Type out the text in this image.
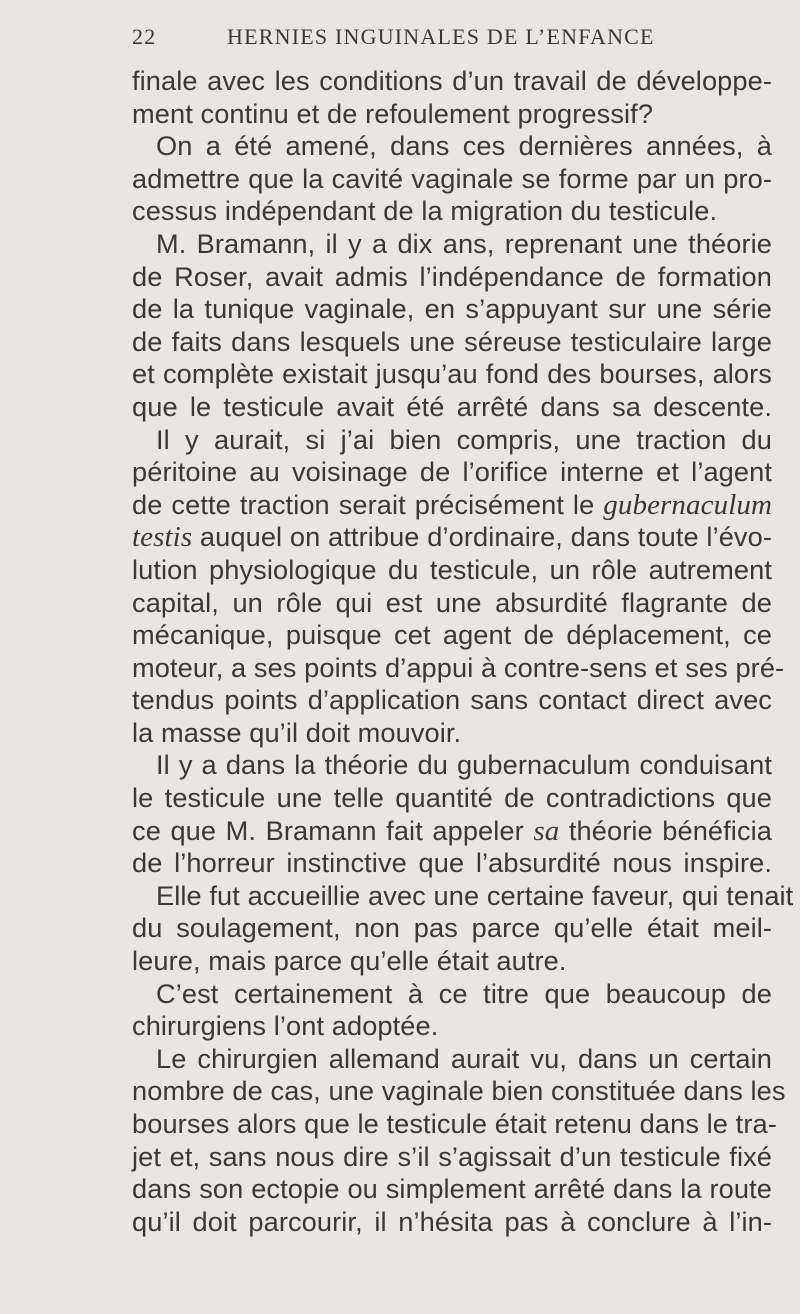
22	HERNIES INGUINALES DE L’ENFANCE
finale avec les conditions d’un travail de développe-
ment continu et de refoulement progressif?
On a été amené, dans ces dernières années, à
admettre que la cavité vaginale se forme par un pro-
cessus indépendant de la migration du testicule.
M. Bramann, il y a dix ans, reprenant une théorie
de Roser, avait admis l’indépendance de formation
de la tunique vaginale, en s’appuyant sur une série
de faits dans lesquels une séreuse testiculaire large
et complète existait jusqu’au fond des bourses, alors
que le testicule avait été arrêté dans sa descente.
Il y aurait, si j’ai bien compris, une traction du
péritoine au voisinage de l’orifice interne et l’agent
de cette traction serait précisément le gubernaculum
testis auquel on attribue d’ordinaire, dans toute l’évo-
lution physiologique du testicule, un rôle autrement
capital, un rôle qui est une absurdité flagrante de
mécanique, puisque cet agent de déplacement, ce
moteur, a ses points d’appui à contre-sens et ses pré-
tendus points d’application sans contact direct avec
la masse qu’il doit mouvoir.
Il y a dans la théorie du gubernaculum conduisant
le testicule une telle quantité de contradictions que
ce que M. Bramann fait appeler sa théorie bénéficia
de l’horreur instinctive que l’absurdité nous inspire.
Elle fut accueillie avec une certaine faveur, qui tenait
du soulagement, non pas parce qu’elle était meil-
leure, mais parce qu’elle était autre.
C’est certainement à ce titre que beaucoup de
chirurgiens l’ont adoptée.
Le chirurgien allemand aurait vu, dans un certain
nombre de cas, une vaginale bien constituée dans les
bourses alors que le testicule était retenu dans le tra-
jet et, sans nous dire s’il s’agissait d’un testicule fixé
dans son ectopie ou simplement arrêté dans la route
qu’il doit parcourir, il n’hésita pas à conclure à l’in-
